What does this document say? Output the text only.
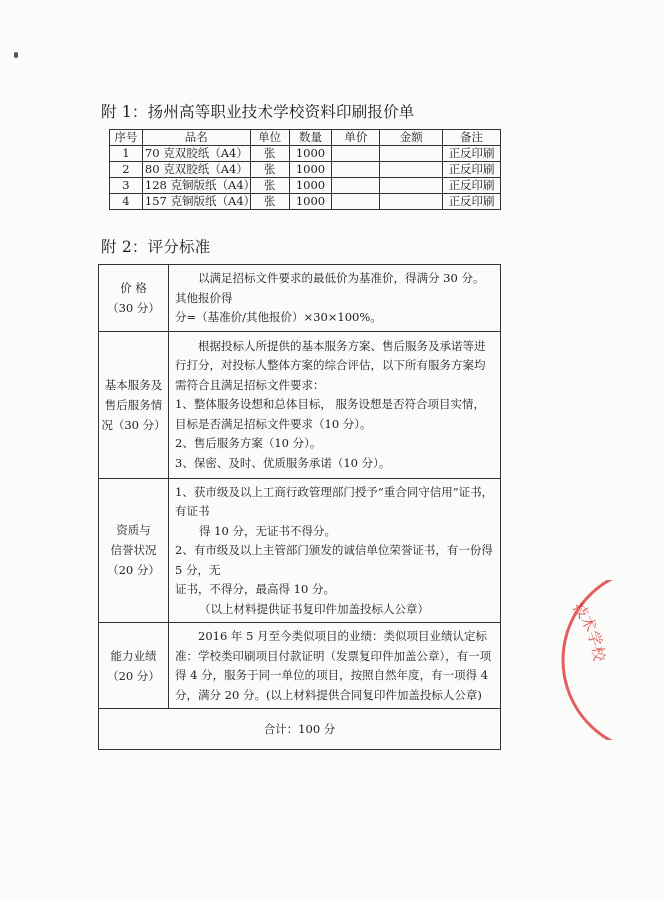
附 1：扬州高等职业技术学校资料印刷报价单
序号	品名	单位	数量	单价	金额	备注
1	70 克双胶纸（A4）	张	1000			正反印刷
2	80 克双胶纸（A4）	张	1000			正反印刷
3	128 克铜版纸（A4）	张	1000			正反印刷
4	157 克铜版纸（A4）	张	1000			正反印刷
附 2：评分标准
价 格
（30 分）	以满足招标文件要求的最低价为基准价，得满分 30 分。其他报价得
分=（基准价/其他报价）×30×100%。

基本服务及
售后服务情
况（30 分）	根据投标人所提供的基本服务方案、售后服务及承诺等进行打分，对投标人整体方案的综合评估，以下所有服务方案均需符合且满足招标文件要求：
1、整体服务设想和总体目标， 服务设想是否符合项目实情，目标是否满足招标文件要求（10 分）。
2、售后服务方案（10 分）。
3、保密、及时、优质服务承诺（10 分）。

资质与
信誉状况
（20 分）	1、获市级及以上工商行政管理部门授予“重合同守信用”证书，有证书
得 10 分，无证书不得分。
2、有市级及以上主管部门颁发的诚信单位荣誉证书，有一份得 5 分，无
证书，不得分，最高得 10 分。
（以上材料提供证书复印件加盖投标人公章）

能力业绩
（20 分）	2016 年 5 月至今类似项目的业绩：类似项目业绩认定标准：学校类印刷项目付款证明（发票复印件加盖公章），有一项得 4 分，服务于同一单位的项目，按照自然年度，有一项得 4 分，满分 20 分。(以上材料提供合同复印件加盖投标人公章)

合计：100 分	
技术学校
